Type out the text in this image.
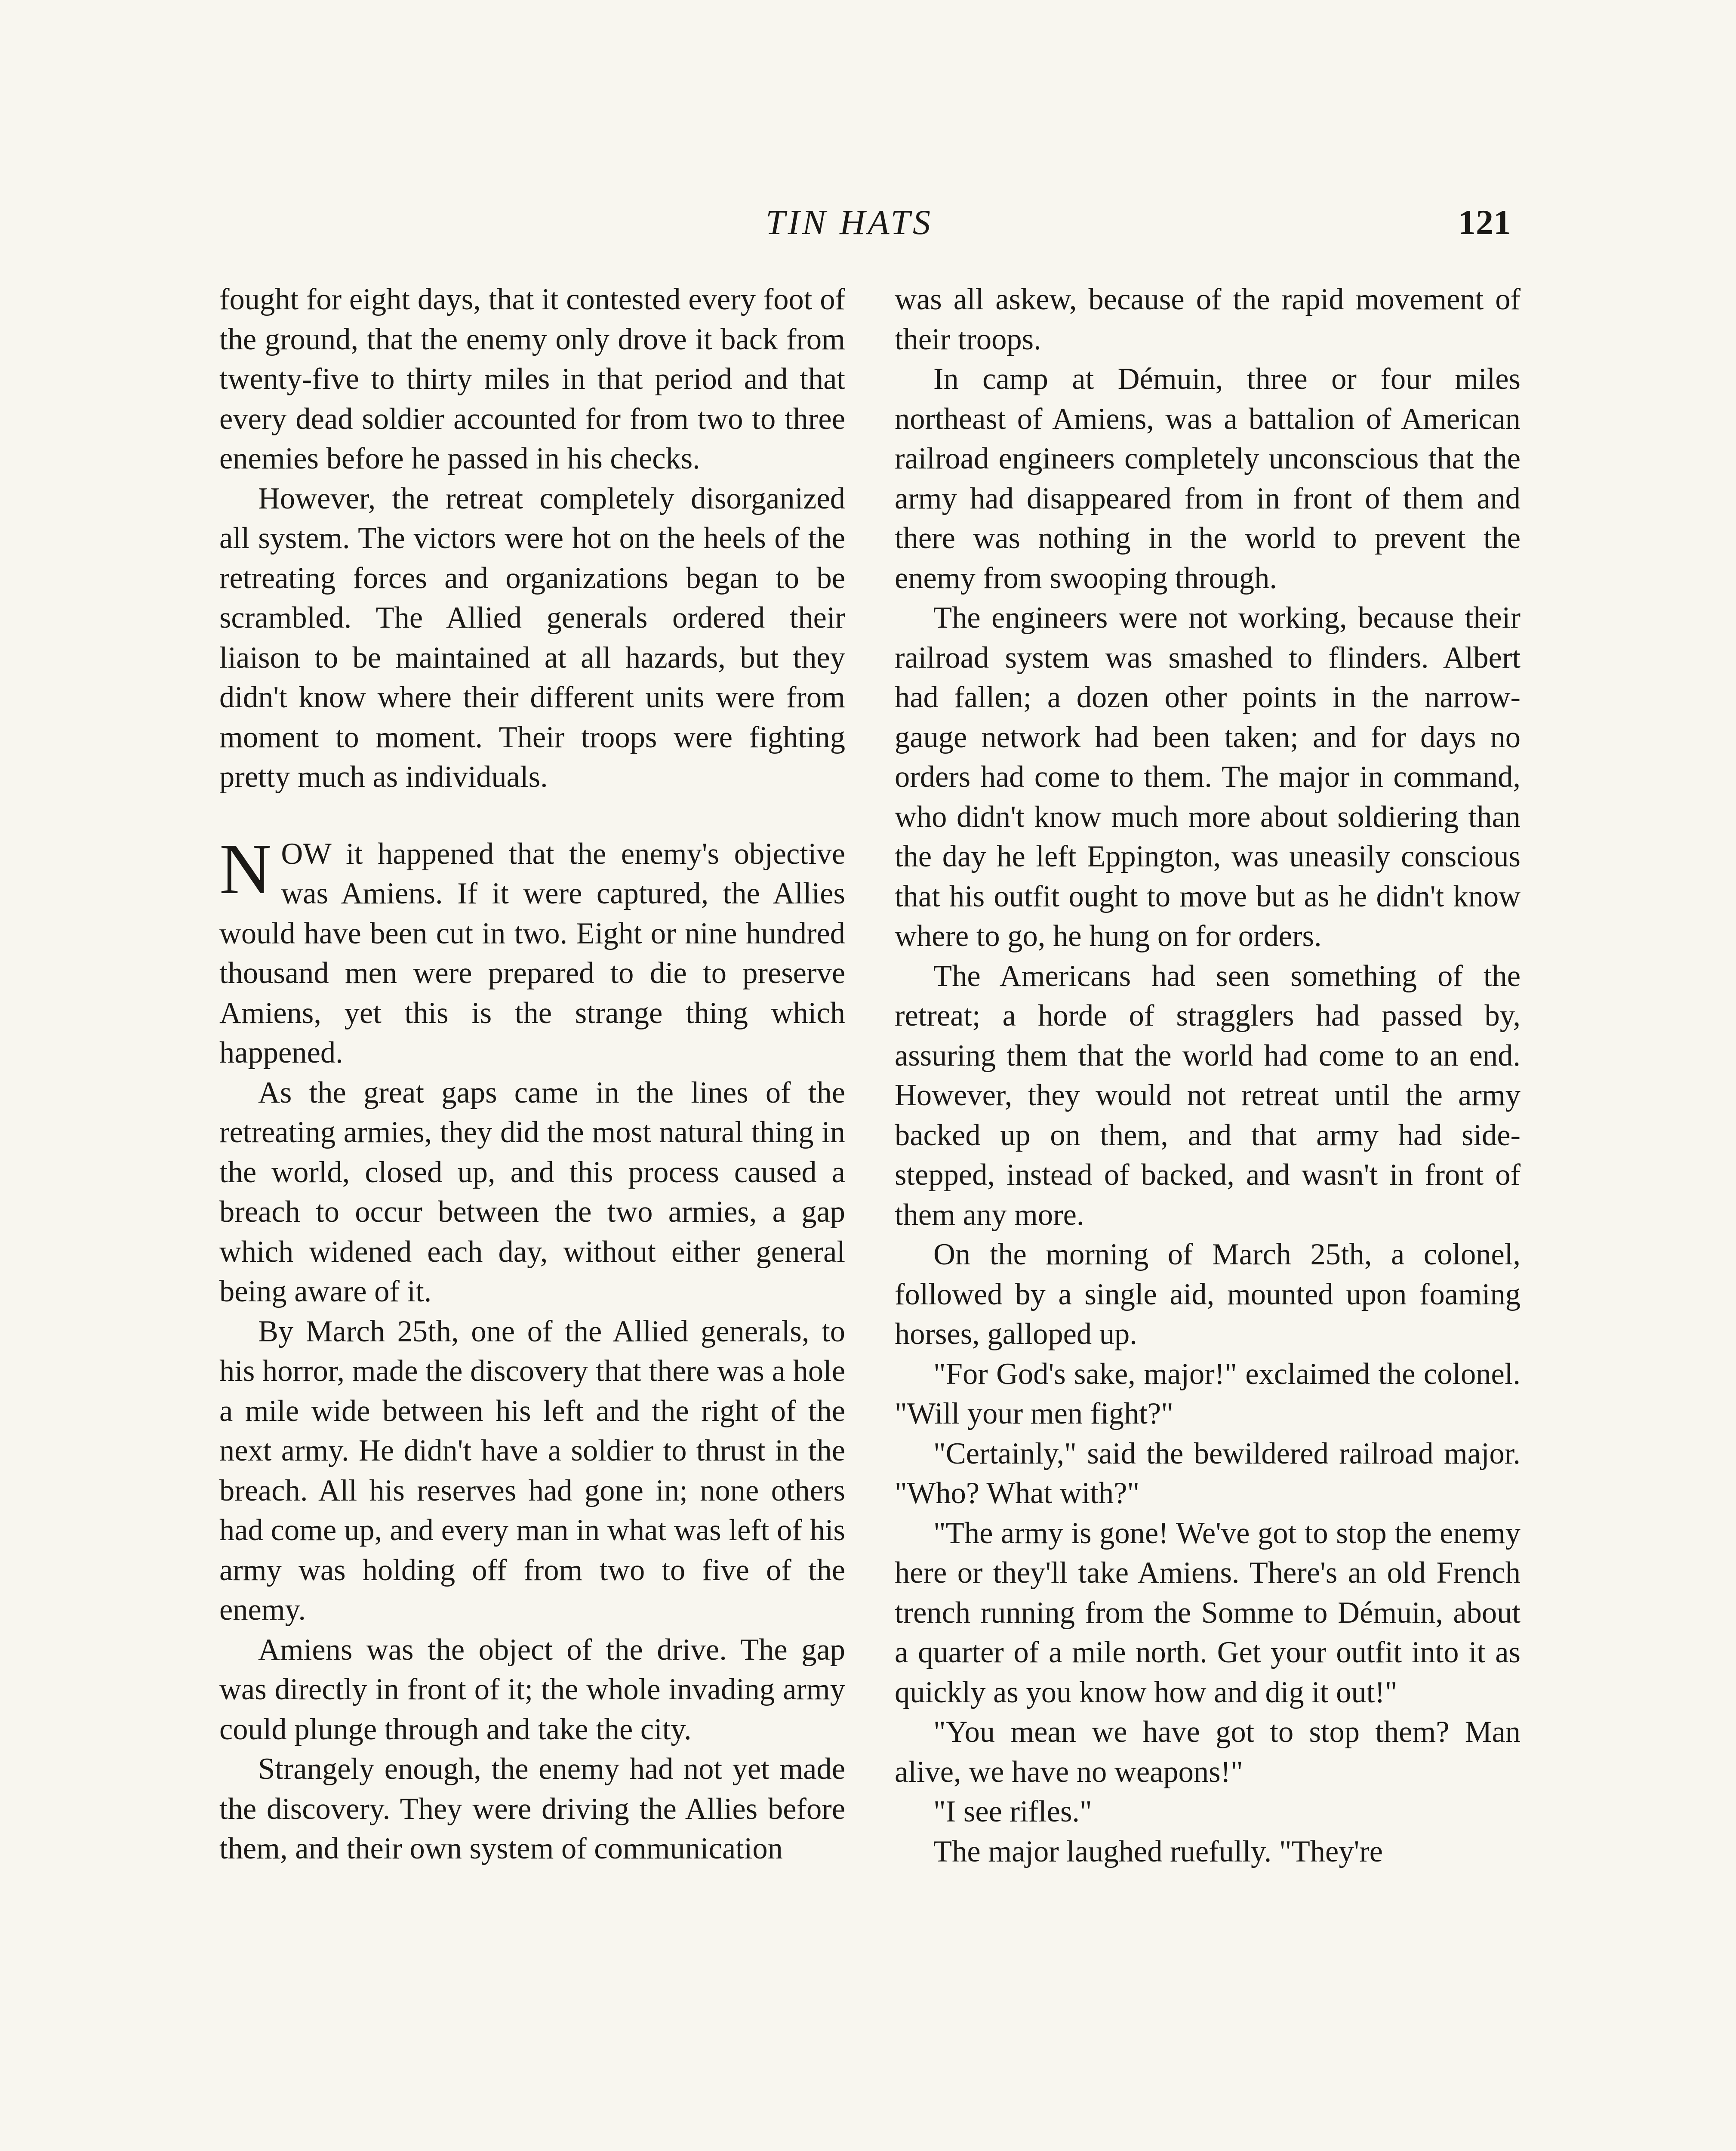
TIN HATS	121

fought for eight days, that it contested every foot of the ground, that the enemy only drove it back from twenty-five to thirty miles in that period and that every dead soldier accounted for from two to three enemies before he passed in his checks.

However, the retreat completely disorganized all system. The victors were hot on the heels of the retreating forces and organizations began to be scrambled. The Allied generals ordered their liaison to be maintained at all hazards, but they didn't know where their different units were from moment to moment. Their troops were fighting pretty much as individuals.

NOW it happened that the enemy's objective was Amiens. If it were captured, the Allies would have been cut in two. Eight or nine hundred thousand men were prepared to die to preserve Amiens, yet this is the strange thing which happened.

As the great gaps came in the lines of the retreating armies, they did the most natural thing in the world, closed up, and this process caused a breach to occur between the two armies, a gap which widened each day, without either general being aware of it.

By March 25th, one of the Allied generals, to his horror, made the discovery that there was a hole a mile wide between his left and the right of the next army. He didn't have a soldier to thrust in the breach. All his reserves had gone in; none others had come up, and every man in what was left of his army was holding off from two to five of the enemy.

Amiens was the object of the drive. The gap was directly in front of it; the whole invading army could plunge through and take the city.

Strangely enough, the enemy had not yet made the discovery. They were driving the Allies before them, and their own system of communication

was all askew, because of the rapid movement of their troops.

In camp at Démuin, three or four miles northeast of Amiens, was a battalion of American railroad engineers completely unconscious that the army had disappeared from in front of them and there was nothing in the world to prevent the enemy from swooping through.

The engineers were not working, because their railroad system was smashed to flinders. Albert had fallen; a dozen other points in the narrow-gauge network had been taken; and for days no orders had come to them. The major in command, who didn't know much more about soldiering than the day he left Eppington, was uneasily conscious that his outfit ought to move but as he didn't know where to go, he hung on for orders.

The Americans had seen something of the retreat; a horde of stragglers had passed by, assuring them that the world had come to an end. However, they would not retreat until the army backed up on them, and that army had side-stepped, instead of backed, and wasn't in front of them any more.

On the morning of March 25th, a colonel, followed by a single aid, mounted upon foaming horses, galloped up.

"For God's sake, major!" exclaimed the colonel. "Will your men fight?"

"Certainly," said the bewildered railroad major. "Who? What with?"

"The army is gone! We've got to stop the enemy here or they'll take Amiens. There's an old French trench running from the Somme to Démuin, about a quarter of a mile north. Get your outfit into it as quickly as you know how and dig it out!"

"You mean we have got to stop them? Man alive, we have no weapons!"

"I see rifles."

The major laughed ruefully. "They're
